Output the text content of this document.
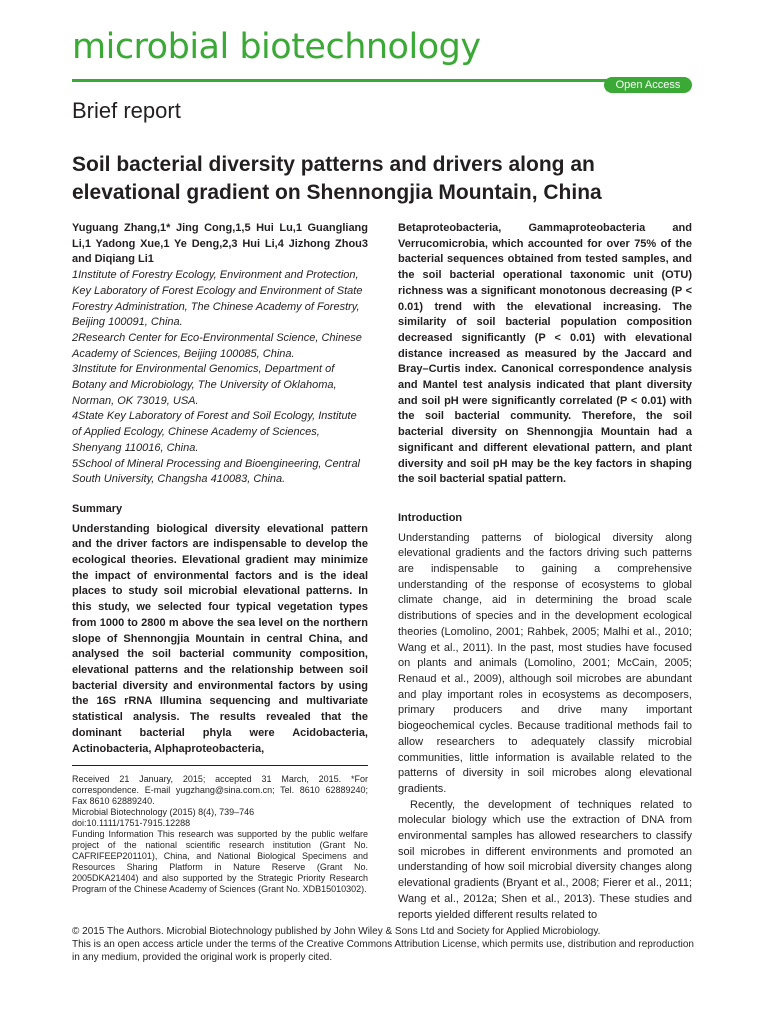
microbial biotechnology
Open Access
Brief report
Soil bacterial diversity patterns and drivers along an elevational gradient on Shennongjia Mountain, China

Yuguang Zhang,1* Jing Cong,1,5 Hui Lu,1 Guangliang Li,1 Yadong Xue,1 Ye Deng,2,3 Hui Li,4 Jizhong Zhou3 and Diqiang Li1

1Institute of Forestry Ecology, Environment and Protection, Key Laboratory of Forest Ecology and Environment of State Forestry Administration, The Chinese Academy of Forestry, Beijing 100091, China.
2Research Center for Eco-Environmental Science, Chinese Academy of Sciences, Beijing 100085, China.
3Institute for Environmental Genomics, Department of Botany and Microbiology, The University of Oklahoma, Norman, OK 73019, USA.
4State Key Laboratory of Forest and Soil Ecology, Institute of Applied Ecology, Chinese Academy of Sciences, Shenyang 110016, China.
5School of Mineral Processing and Bioengineering, Central South University, Changsha 410083, China.
Summary

Understanding biological diversity elevational pattern and the driver factors are indispensable to develop the ecological theories. Elevational gradient may minimize the impact of environmental factors and is the ideal places to study soil microbial elevational patterns. In this study, we selected four typical vegetation types from 1000 to 2800 m above the sea level on the northern slope of Shennongjia Mountain in central China, and analysed the soil bacterial community composition, elevational patterns and the relationship between soil bacterial diversity and environmental factors by using the 16S rRNA Illumina sequencing and multivariate statistical analysis. The results revealed that the dominant bacterial phyla were Acidobacteria, Actinobacteria, Alphaproteobacteria,

Betaproteobacteria, Gammaproteobacteria and Verrucomicrobia, which accounted for over 75% of the bacterial sequences obtained from tested samples, and the soil bacterial operational taxonomic unit (OTU) richness was a significant monotonous decreasing (P < 0.01) trend with the elevational increasing. The similarity of soil bacterial population composition decreased significantly (P < 0.01) with elevational distance increased as measured by the Jaccard and Bray–Curtis index. Canonical correspondence analysis and Mantel test analysis indicated that plant diversity and soil pH were significantly correlated (P < 0.01) with the soil bacterial community. Therefore, the soil bacterial diversity on Shennongjia Mountain had a significant and different elevational pattern, and plant diversity and soil pH may be the key factors in shaping the soil bacterial spatial pattern.

Introduction

Understanding patterns of biological diversity along elevational gradients and the factors driving such patterns are indispensable to gaining a comprehensive understanding of the response of ecosystems to global climate change, aid in determining the broad scale distributions of species and in the development ecological theories (Lomolino, 2001; Rahbek, 2005; Malhi et al., 2010; Wang et al., 2011). In the past, most studies have focused on plants and animals (Lomolino, 2001; McCain, 2005; Renaud et al., 2009), although soil microbes are abundant and play important roles in ecosystems as decomposers, primary producers and drive many important biogeochemical cycles. Because traditional methods fail to allow researchers to adequately classify microbial communities, little information is available related to the patterns of diversity in soil microbes along elevational gradients.

Recently, the development of techniques related to molecular biology which use the extraction of DNA from environmental samples has allowed researchers to classify soil microbes in different environments and promoted an understanding of how soil microbial diversity changes along elevational gradients (Bryant et al., 2008; Fierer et al., 2011; Wang et al., 2012a; Shen et al., 2013). These studies and reports yielded different results related to

Received 21 January, 2015; accepted 31 March, 2015. *For correspondence. E-mail yugzhang@sina.com.cn; Tel. 8610 62889240; Fax 8610 62889240.

Microbial Biotechnology (2015) 8(4), 739–746

doi:10.1111/1751-7915.12288

Funding Information This research was supported by the public welfare project of the national scientific research institution (Grant No. CAFRIFEEP201101), China, and National Biological Specimens and Resources Sharing Platform in Nature Reserve (Grant No. 2005DKA21404) and also supported by the Strategic Priority Research Program of the Chinese Academy of Sciences (Grant No. XDB15010302).

© 2015 The Authors. Microbial Biotechnology published by John Wiley & Sons Ltd and Society for Applied Microbiology.

This is an open access article under the terms of the Creative Commons Attribution License, which permits use, distribution and reproduction in any medium, provided the original work is properly cited.
